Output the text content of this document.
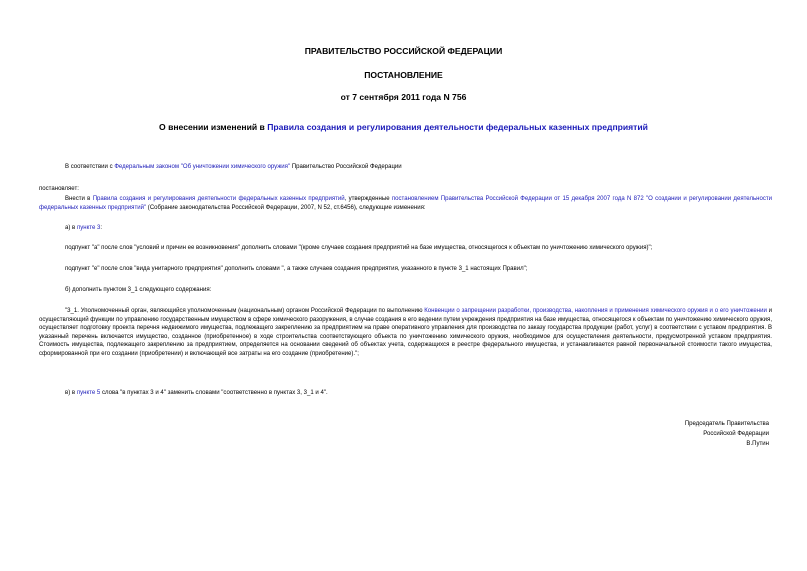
ПРАВИТЕЛЬСТВО РОССИЙСКОЙ ФЕДЕРАЦИИ
ПОСТАНОВЛЕНИЕ
от 7 сентября 2011 года N 756
О внесении изменений в Правила создания и регулирования деятельности федеральных казенных предприятий
В соответствии с Федеральным законом "Об уничтожении химического оружия" Правительство Российской Федерации
постановляет:
Внести в Правила создания и регулирования деятельности федеральных казенных предприятий, утвержденные постановлением Правительства Российской Федерации от 15 декабря 2007 года N 872 "О создании и регулировании деятельности федеральных казенных предприятий" (Собрание законодательства Российской Федерации, 2007, N 52, ст.6456), следующие изменения:
а) в пункте 3:
подпункт "а" после слов "условий и причин ее возникновения" дополнить словами "(кроме случаев создания предприятий на базе имущества, относящегося к объектам по уничтожению химического оружия)";
подпункт "е" после слов "вида унитарного предприятия" дополнить словами ", а также случаев создания предприятия, указанного в пункте 3_1 настоящих Правил";
б) дополнить пунктом 3_1 следующего содержания:
"3_1. Уполномоченный орган, являющийся уполномоченным (национальным) органом Российской Федерации по выполнению Конвенции о запрещении разработки, производства, накопления и применения химического оружия и о его уничтожении и осуществляющий функции по управлению государственным имуществом в сфере химического разоружения, в случае создания в его ведении путем учреждения предприятия на базе имущества, относящегося к объектам по уничтожению химического оружия, осуществляет подготовку проекта перечня недвижимого имущества, подлежащего закреплению за предприятием на праве оперативного управления для производства по заказу государства продукции (работ, услуг) в соответствии с уставом предприятия. В указанный перечень включается имущество, созданное (приобретенное) в ходе строительства соответствующего объекта по уничтожению химического оружия, необходимое для осуществления деятельности, предусмотренной уставом предприятия. Стоимость имущества, подлежащего закреплению за предприятием, определяется на основании сведений об объектах учета, содержащихся в реестре федерального имущества, и устанавливается равной первоначальной стоимости такого имущества, сформированной при его создании (приобретении) и включающей все затраты на его создание (приобретение).";
в) в пункте 5 слова "в пунктах 3 и 4" заменить словами "соответственно в пунктах 3, 3_1 и 4".
Председатель Правительства
Российской Федерации
В.Путин
